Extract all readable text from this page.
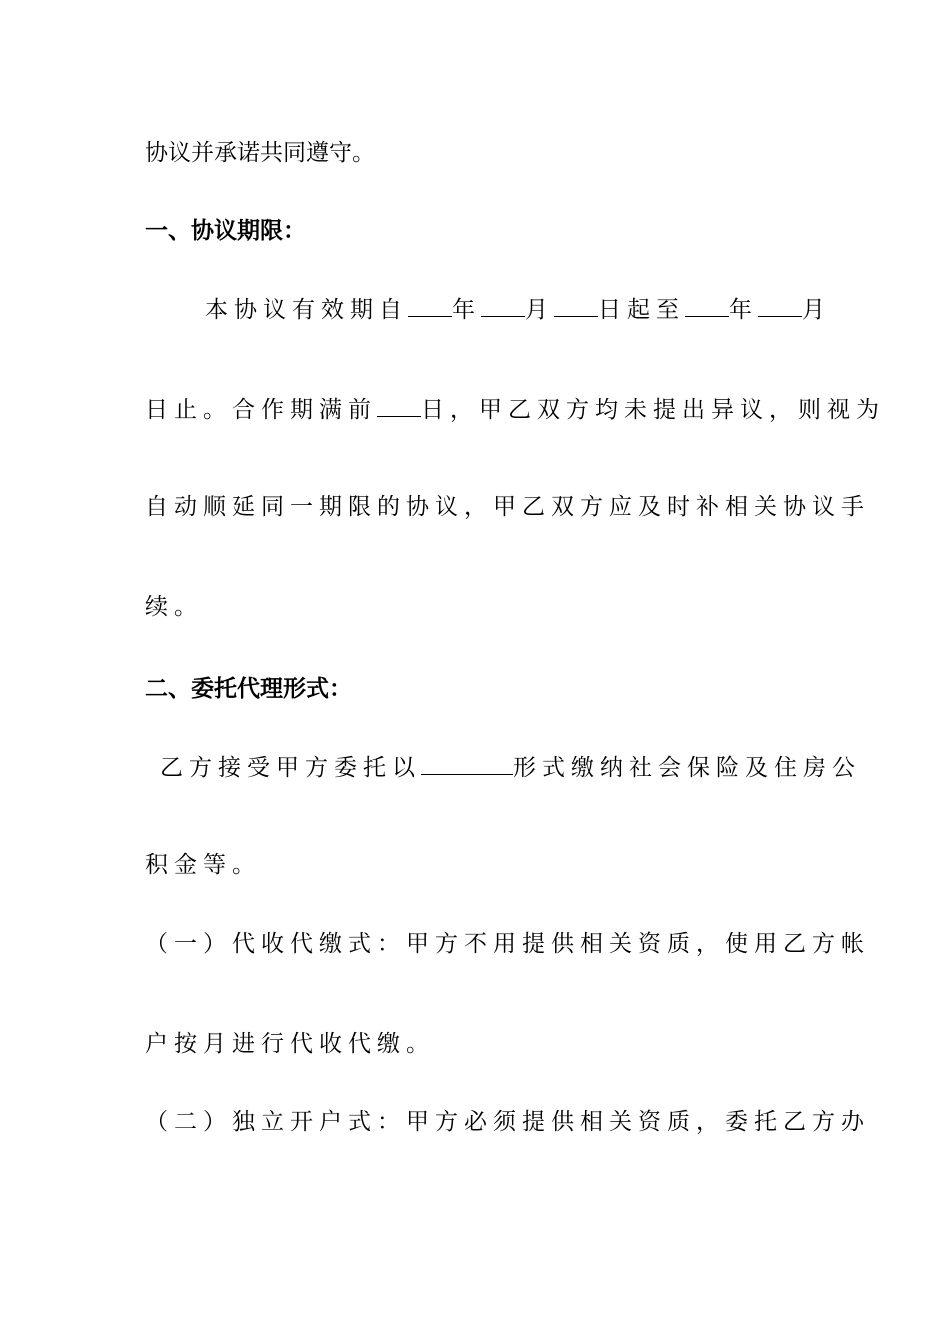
协议并承诺共同遵守。
一、协议期限：
本协议有效期自 年 月 日起至 年 月
日止。合作期满前 日，甲乙双方均未提出异议，则视为
自动顺延同一期限的协议，甲乙双方应及时补相关协议手
续。
二、委托代理形式：
乙方接受甲方委托以	形式缴纳社会保险及住房公
积金等。
（一）代收代缴式：甲方不用提供相关资质，使用乙方帐
户按月进行代收代缴。
（二）独立开户式：甲方必须提供相关资质，委托乙方办
